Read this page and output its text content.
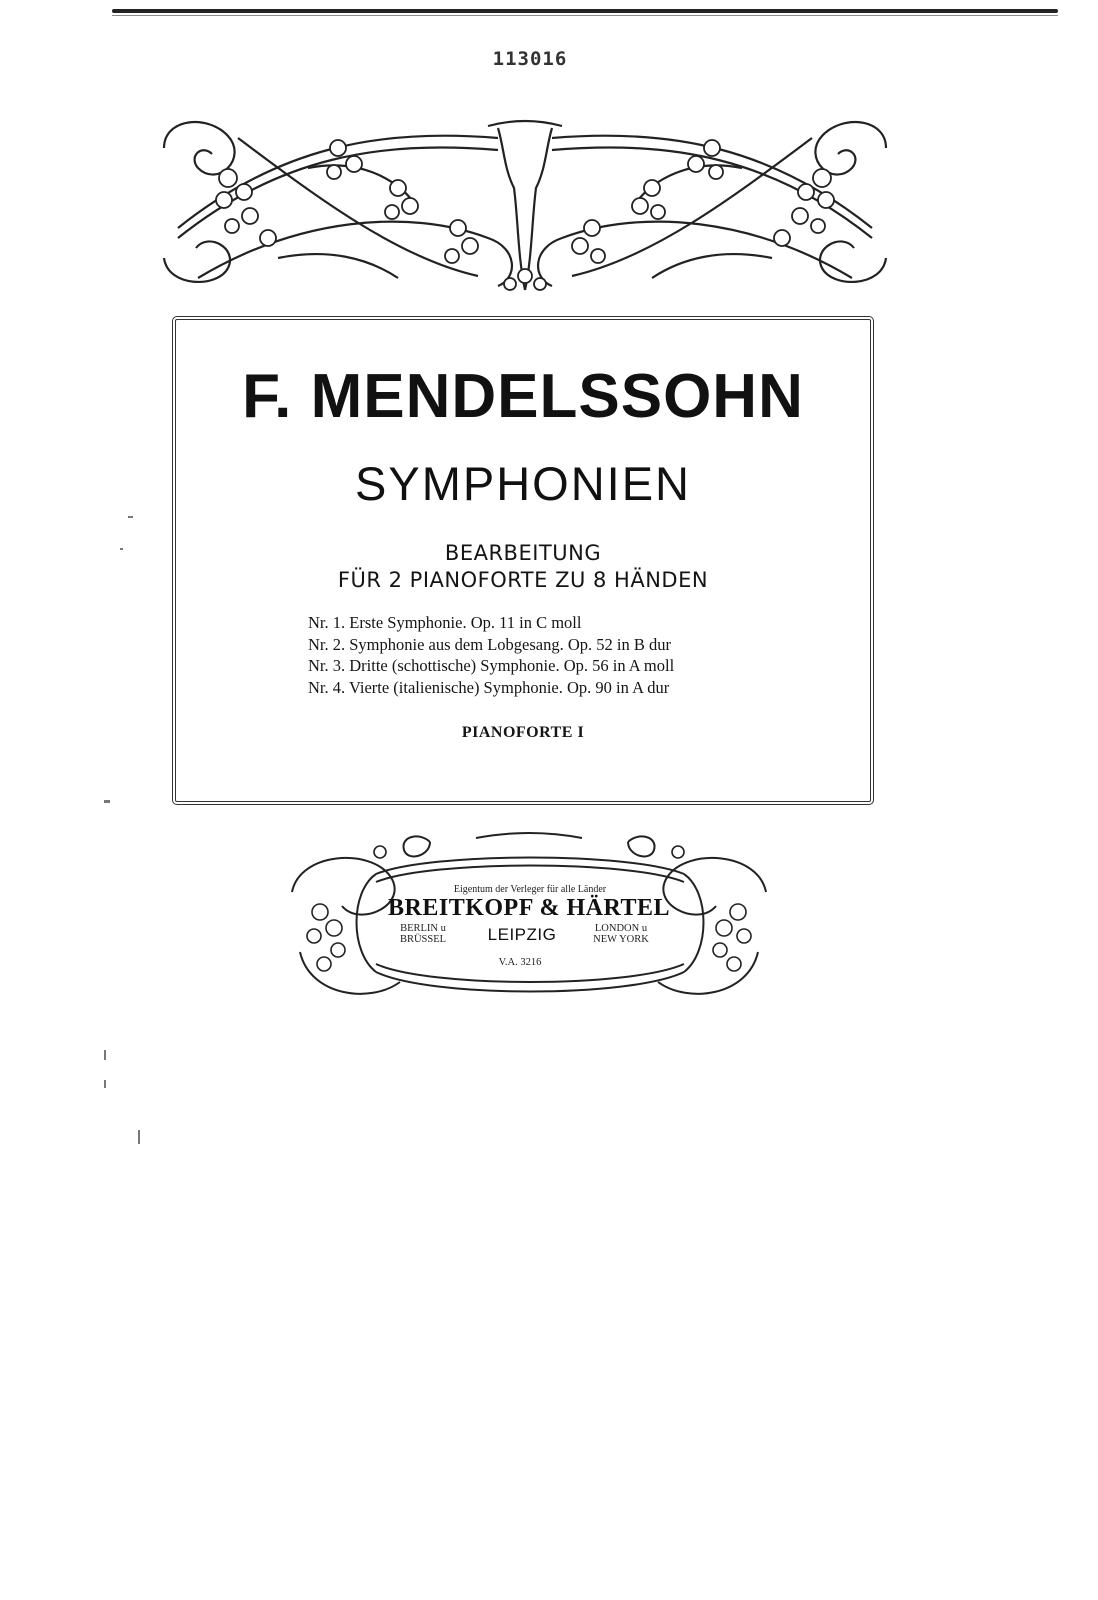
113016
F. MENDELSSOHN
SYMPHONIEN
BEARBEITUNG
FÜR 2 PIANOFORTE ZU 8 HÄNDEN
Nr. 1. Erste Symphonie. Op. 11 in C moll
Nr. 2. Symphonie aus dem Lobgesang. Op. 52 in B dur
Nr. 3. Dritte (schottische) Symphonie. Op. 56 in A moll
Nr. 4. Vierte (italienische) Symphonie. Op. 90 in A dur
PIANOFORTE I
Eigentum der Verleger für alle Länder
BREITKOPF & HÄRTEL
BERLIN u
BRÜSSEL	LEIPZIG	LONDON u
NEW YORK
V.A. 3216
